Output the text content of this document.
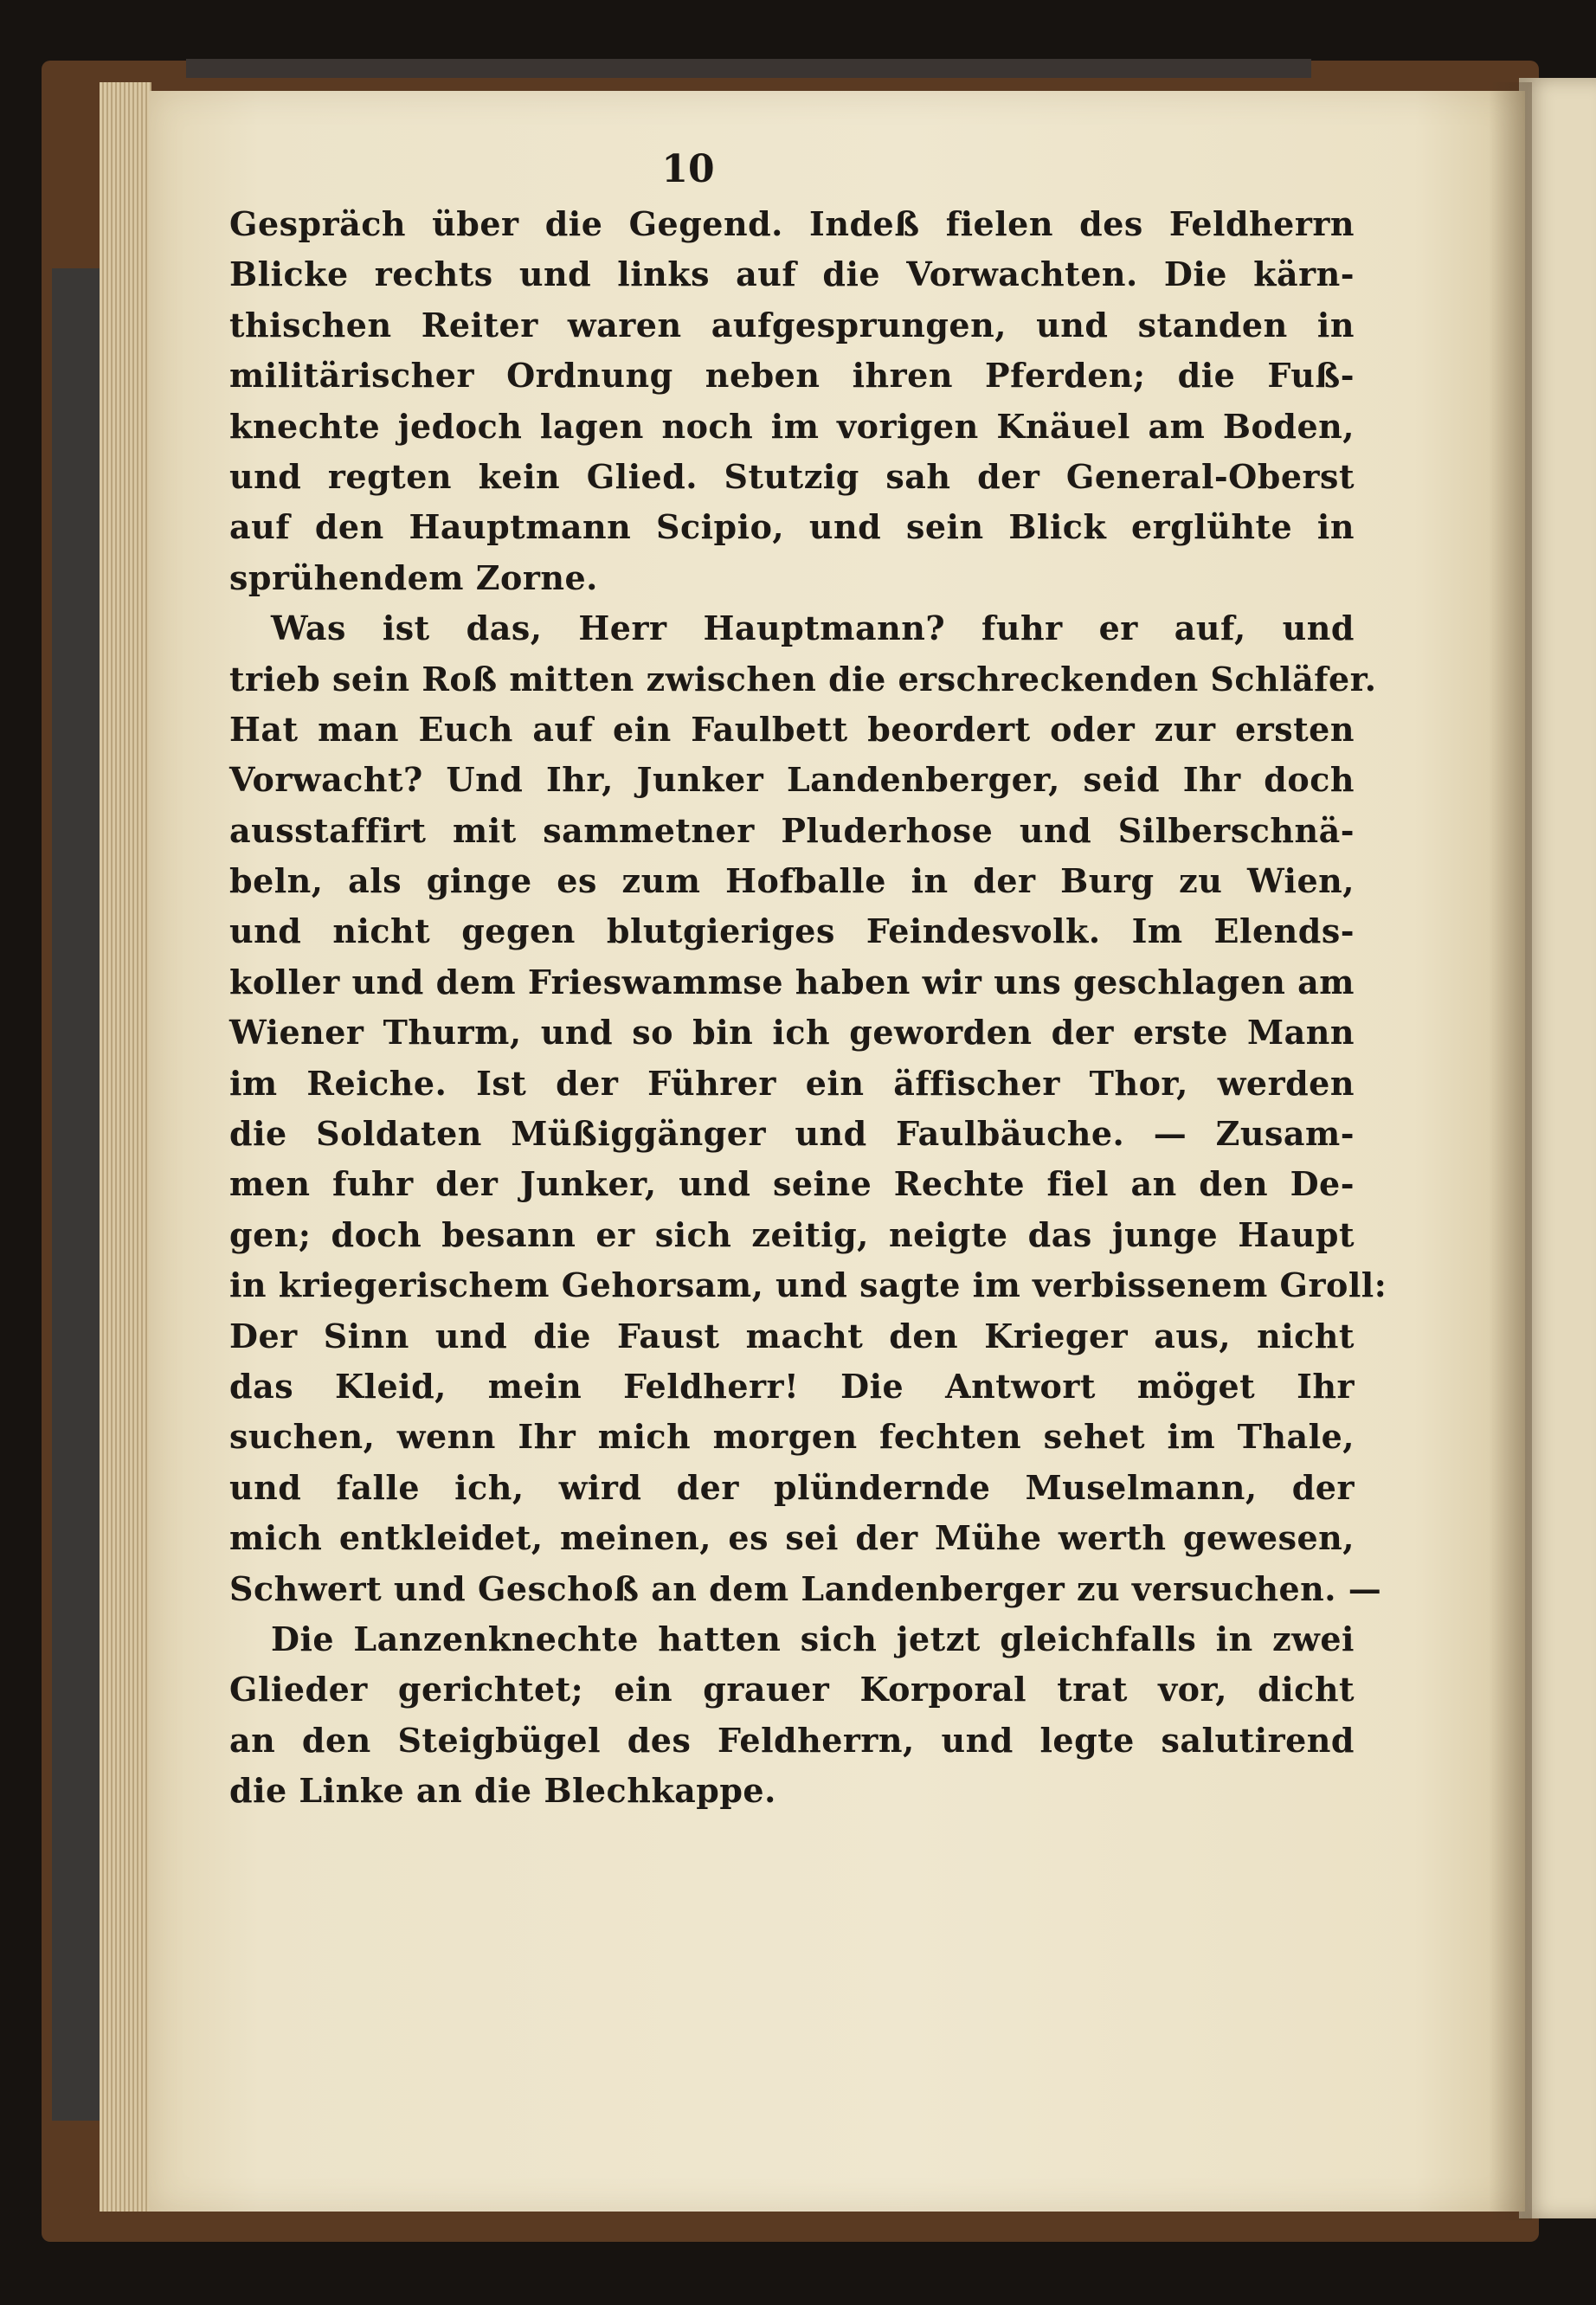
10
Gespräch über die Gegend. Indeß fielen des Feldherrn
Blicke rechts und links auf die Vorwachten. Die kärn-
thischen Reiter waren aufgesprungen, und standen in
militärischer Ordnung neben ihren Pferden; die Fuß-
knechte jedoch lagen noch im vorigen Knäuel am Boden,
und regten kein Glied. Stutzig sah der General-Oberst
auf den Hauptmann Scipio, und sein Blick erglühte in
sprühendem Zorne.
Was ist das, Herr Hauptmann? fuhr er auf, und
trieb sein Roß mitten zwischen die erschreckenden Schläfer.
Hat man Euch auf ein Faulbett beordert oder zur ersten
Vorwacht? Und Ihr, Junker Landenberger, seid Ihr doch
ausstaffirt mit sammetner Pluderhose und Silberschnä-
beln, als ginge es zum Hofballe in der Burg zu Wien,
und nicht gegen blutgieriges Feindesvolk. Im Elends-
koller und dem Frieswammse haben wir uns geschlagen am
Wiener Thurm, und so bin ich geworden der erste Mann
im Reiche. Ist der Führer ein äffischer Thor, werden
die Soldaten Müßiggänger und Faulbäuche. — Zusam-
men fuhr der Junker, und seine Rechte fiel an den De-
gen; doch besann er sich zeitig, neigte das junge Haupt
in kriegerischem Gehorsam, und sagte im verbissenem Groll:
Der Sinn und die Faust macht den Krieger aus, nicht
das Kleid, mein Feldherr! Die Antwort möget Ihr
suchen, wenn Ihr mich morgen fechten sehet im Thale,
und falle ich, wird der plündernde Muselmann, der
mich entkleidet, meinen, es sei der Mühe werth gewesen,
Schwert und Geschoß an dem Landenberger zu versuchen. —
Die Lanzenknechte hatten sich jetzt gleichfalls in zwei
Glieder gerichtet; ein grauer Korporal trat vor, dicht
an den Steigbügel des Feldherrn, und legte salutirend
die Linke an die Blechkappe.
